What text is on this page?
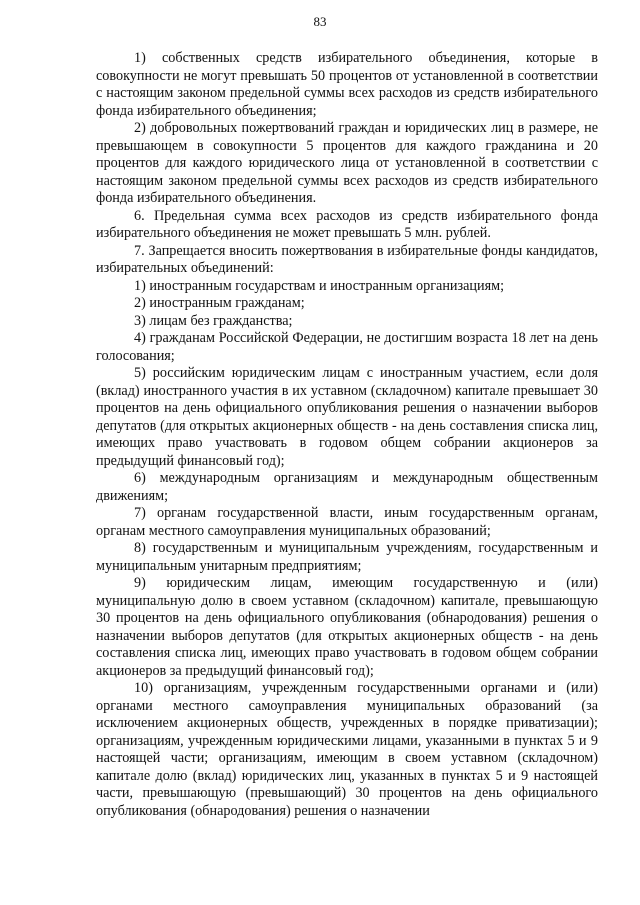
83

1) собственных средств избирательного объединения, которые в совокупности не могут превышать 50 процентов от установленной в соответствии с настоящим законом предельной суммы всех расходов из средств избирательного фонда избирательного объединения;

2) добровольных пожертвований граждан и юридических лиц в размере, не превышающем в совокупности 5 процентов для каждого гражданина и 20 процентов для каждого юридического лица от установленной в соответствии с настоящим законом предельной суммы всех расходов из средств избирательного фонда избирательного объединения.

6. Предельная сумма всех расходов из средств избирательного фонда избирательного объединения не может превышать 5 млн. рублей.

7. Запрещается вносить пожертвования в избирательные фонды кандидатов, избирательных объединений:

1) иностранным государствам и иностранным организациям;

2) иностранным гражданам;

3) лицам без гражданства;

4) гражданам Российской Федерации, не достигшим возраста 18 лет на день голосования;

5) российским юридическим лицам с иностранным участием, если доля (вклад) иностранного участия в их уставном (складочном) капитале превышает 30 процентов на день официального опубликования решения о назначении выборов депутатов (для открытых акционерных обществ - на день составления списка лиц, имеющих право участвовать в годовом общем собрании акционеров за предыдущий финансовый год);

6) международным организациям и международным общественным движениям;

7) органам государственной власти, иным государственным органам, органам местного самоуправления муниципальных образований;

8) государственным и муниципальным учреждениям, государственным и муниципальным унитарным предприятиям;

9) юридическим лицам, имеющим государственную и (или) муниципальную долю в своем уставном (складочном) капитале, превышающую 30 процентов на день официального опубликования (обнародования) решения о назначении выборов депутатов (для открытых акционерных обществ - на день составления списка лиц, имеющих право участвовать в годовом общем собрании акционеров за предыдущий финансовый год);

10) организациям, учрежденным государственными органами и (или) органами местного самоуправления муниципальных образований (за исключением акционерных обществ, учрежденных в порядке приватизации); организациям, учрежденным юридическими лицами, указанными в пунктах 5 и 9 настоящей части; организациям, имеющим в своем уставном (складочном) капитале долю (вклад) юридических лиц, указанных в пунктах 5 и 9 настоящей части, превышающую (превышающий) 30 процентов на день официального опубликования (обнародования) решения о назначении
